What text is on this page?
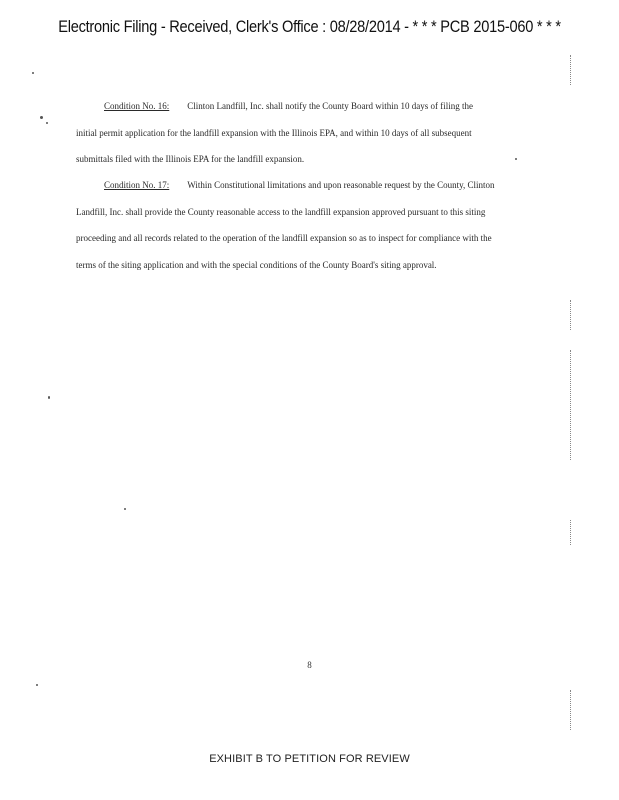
Electronic Filing - Received, Clerk's Office : 08/28/2014 - * * * PCB 2015-060 * * *

Condition No. 16: Clinton Landfill, Inc. shall notify the County Board within 10 days of filing the initial permit application for the landfill expansion with the Illinois EPA, and within 10 days of all subsequent submittals filed with the Illinois EPA for the landfill expansion.

Condition No. 17: Within Constitutional limitations and upon reasonable request by the County, Clinton Landfill, Inc. shall provide the County reasonable access to the landfill expansion approved pursuant to this siting proceeding and all records related to the operation of the landfill expansion so as to inspect for compliance with the terms of the siting application and with the special conditions of the County Board's siting approval.

8
EXHIBIT B TO PETITION FOR REVIEW
